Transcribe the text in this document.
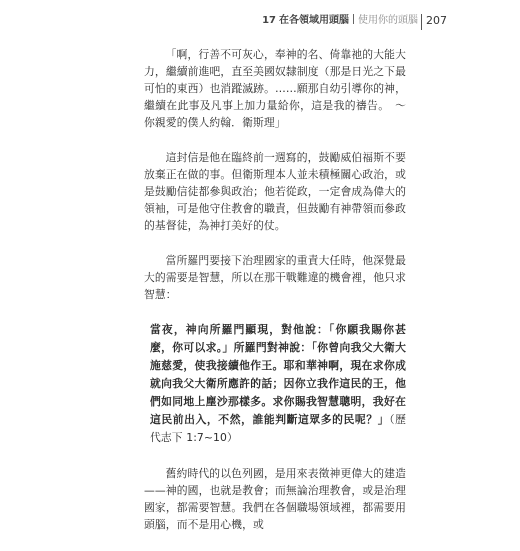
17 在各領域用頭腦 使用你的頭腦 207

「啊，行善不可灰心，奉神的名、倚靠祂的大能大力，繼續前進吧，直至美國奴隸制度（那是日光之下最可怕的東西）也消蹤滅跡。……願那自幼引導你的神，繼續在此事及凡事上加力量給你，這是我的禱告。　～你親愛的僕人約翰．衛斯理」

這封信是他在臨終前一週寫的，鼓勵威伯福斯不要放棄正在做的事。但衛斯理本人並未積極關心政治，或是鼓勵信徒都參與政治；他若從政，一定會成為偉大的領袖，可是他守住教會的職責，但鼓勵有神帶領而參政的基督徒，為神打美好的仗。

當所羅門要接下治理國家的重責大任時，他深覺最大的需要是智慧，所以在那干戰難違的機會裡，他只求智慧：

當夜，神向所羅門顯現，對他說：「你願我賜你甚麼，你可以求。」所羅門對神說：「你曾向我父大衛大施慈愛，使我接續他作王。耶和華神啊，現在求你成就向我父大衛所應許的話；因你立我作這民的王，他們如同地上塵沙那樣多。求你賜我智慧聰明，我好在這民前出入，不然，誰能判斷這眾多的民呢？」（歷代志下 1:7~10）

舊約時代的以色列國，是用來表徵神更偉大的建造——神的國，也就是教會；而無論治理教會，或是治理國家，都需要智慧。我們在各個職場領域裡，都需要用頭腦，而不是用心機，或
